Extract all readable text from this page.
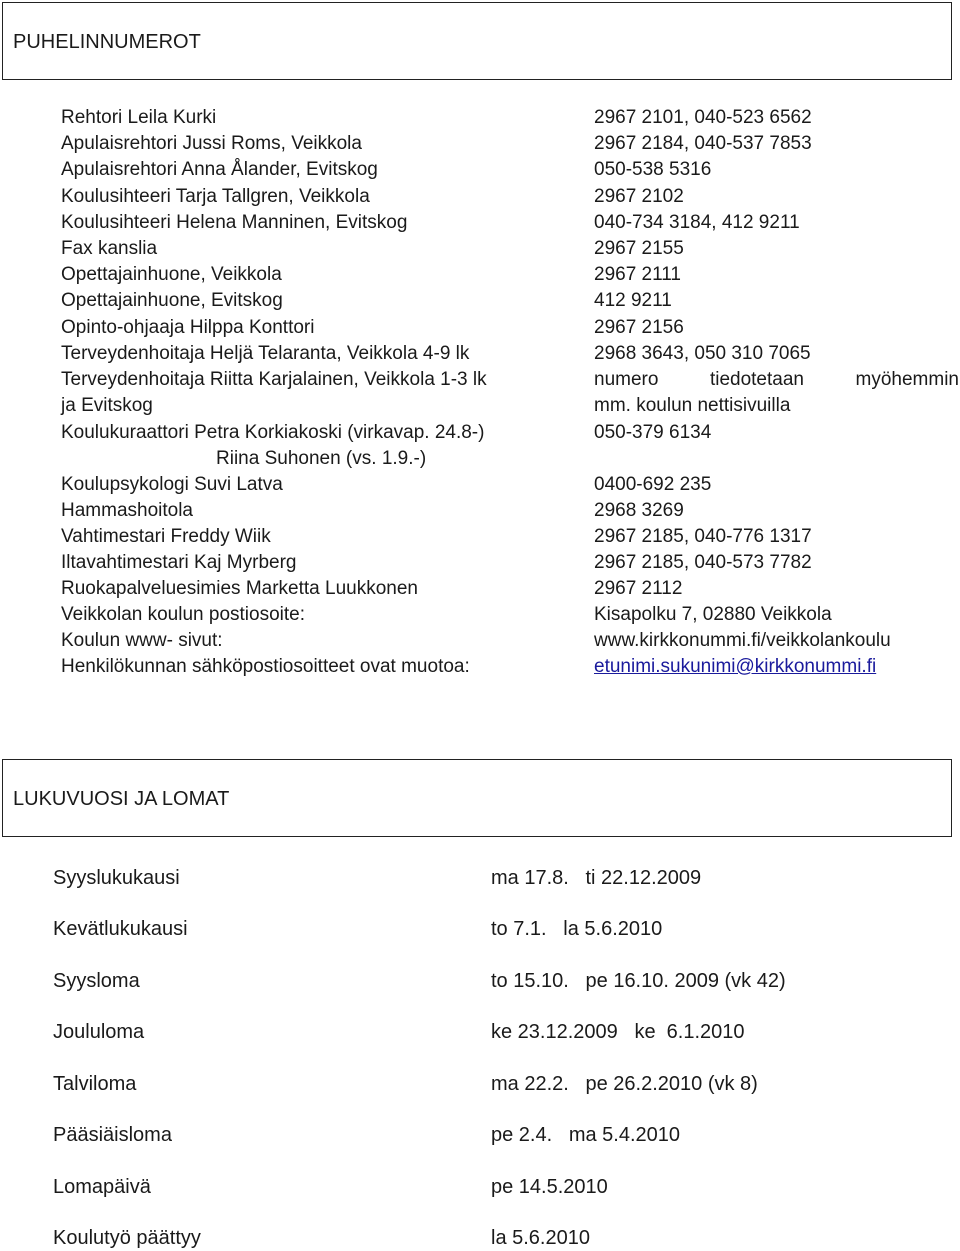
PUHELINNUMEROT
Rehtori Leila Kurki	2967 2101, 040-523 6562
Apulaisrehtori Jussi Roms, Veikkola	2967 2184, 040-537 7853
Apulaisrehtori Anna Ålander, Evitskog	050-538 5316
Koulusihteeri Tarja Tallgren, Veikkola	2967 2102
Koulusihteeri Helena Manninen, Evitskog	040-734 3184, 412 9211
Fax kanslia	2967 2155
Opettajainhuone, Veikkola	2967 2111
Opettajainhuone, Evitskog	412 9211
Opinto-ohjaaja Hilppa Konttori	2967 2156
Terveydenhoitaja Heljä Telaranta, Veikkola 4-9 lk	2968 3643, 050 310 7065
Terveydenhoitaja Riitta Karjalainen, Veikkola 1-3 lk	numero	tiedotetaan	myöhemmin
ja Evitskog	mm. koulun nettisivuilla
Koulukuraattori Petra Korkiakoski (virkavap. 24.8-)	050-379 6134
Riina Suhonen (vs. 1.9.-)
Koulupsykologi Suvi Latva	0400-692 235
Hammashoitola	2968 3269
Vahtimestari Freddy Wiik	2967 2185, 040-776 1317
Iltavahtimestari Kaj Myrberg	2967 2185, 040-573 7782
Ruokapalveluesimies Marketta Luukkonen	2967 2112
Veikkolan koulun postiosoite:	Kisapolku 7, 02880 Veikkola
Koulun www- sivut:	www.kirkkonummi.fi/veikkolankoulu
Henkilökunnan sähköpostiosoitteet ovat muotoa:	etunimi.sukunimi@kirkkonummi.fi
LUKUVUOSI JA LOMAT
Syyslukukausi	ma 17.8.   ti 22.12.2009
Kevätlukukausi	to 7.1.   la 5.6.2010
Syysloma	to 15.10.   pe 16.10. 2009 (vk 42)
Joululoma	ke 23.12.2009   ke  6.1.2010
Talviloma	ma 22.2.   pe 26.2.2010 (vk 8)
Pääsiäisloma	pe 2.4.   ma 5.4.2010
Lomapäivä	pe 14.5.2010
Koulutyö päättyy	la 5.6.2010
